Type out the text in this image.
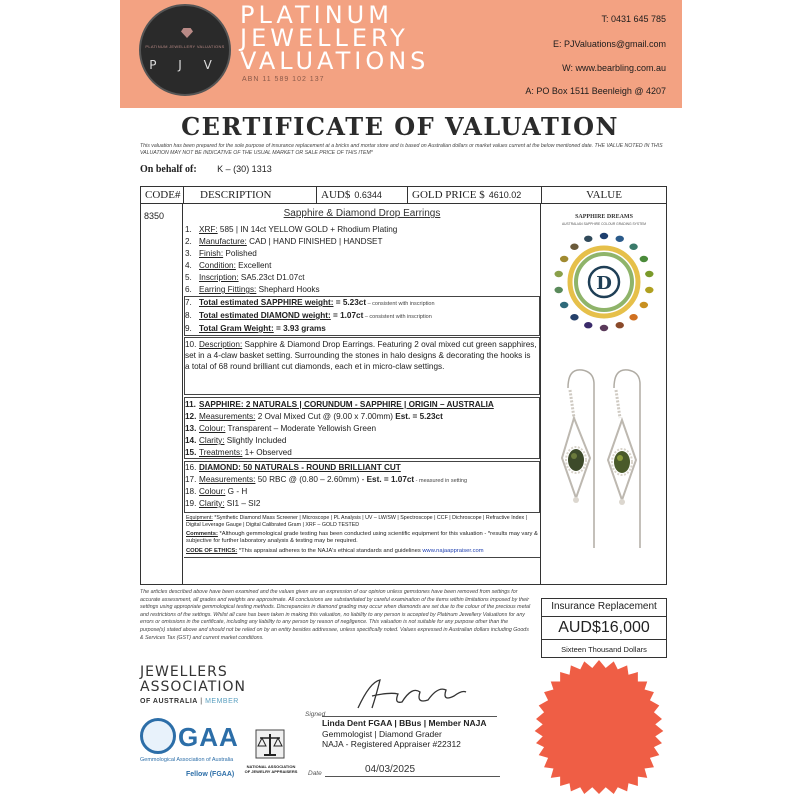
PLATINUM JEWELLERY VALUATIONS
P J V
PLATINUM
JEWELLERY
VALUATIONS
ABN 11 589 102 137
T: 0431 645 785
E: PJValuations@gmail.com
W: www.bearbling.com.au
A: PO Box 1511 Beenleigh @ 4207
CERTIFICATE OF VALUATION
This valuation has been prepared for the sole purpose of insurance replacement at a bricks and mortar store and is based on Australian dollars or market values current at the below mentioned date. THE VALUE NOTED IN THIS VALUATION MAY NOT BE INDICATIVE OF THE USUAL MARKET OR SALE PRICE OF THIS ITEM*
On behalf of: K – (30) 1313
CODE# DESCRIPTION	AUD$ 0.6344	GOLD PRICE $ 4610.02	VALUE
8350	Sapphire & Diamond Drop Earrings
1. XRF: 585 | IN 14ct YELLOW GOLD + Rhodium Plating
2. Manufacture: CAD | HAND FINISHED | HANDSET
3. Finish: Polished
4. Condition: Excellent
5. Inscription: SA5.23ct D1.07ct
6. Earring Fittings: Shephard Hooks
7. Total estimated SAPPHIRE weight: = 5.23ct – consistent with inscription
8. Total estimated DIAMOND weight: = 1.07ct – consistent with inscription
9. Total Gram Weight: = 3.93 grams
10. Description: Sapphire & Diamond Drop Earrings. Featuring 2 oval mixed cut green sapphires, set in a 4-claw basket setting. Surrounding the stones in halo designs & decorating the hooks is a total of 68 round brilliant cut diamonds, each et in micro-claw settings.
11. SAPPHIRE: 2 NATURALS | CORUNDUM - SAPPHIRE | ORIGIN – AUSTRALIA
12. Measurements: 2 Oval Mixed Cut @ (9.00 x 7.00mm) Est. = 5.23ct
13. Colour: Transparent – Moderate Yellowish Green
14. Clarity: Slightly Included
15. Treatments: 1+ Observed
16. DIAMOND: 50 NATURALS - ROUND BRILLIANT CUT
17. Measurements: 50 RBC @ (0.80 – 2.60mm) - Est. = 1.07ct - measured in setting
18. Colour: G - H
19. Clarity: SI1 – SI2
Equipment: *Synthetic Diamond Mass Screener | Microscope | PL Analysis | UV – LW/SW | Spectroscope | CCF | Dichroscope | Refractive Index | Digital Leverage Gauge | Digital Calibrated Gram | XRF – GOLD TESTED
Comments: *Although gemmological grade testing has been conducted using scientific equipment for this valuation - *results may vary & subjective for further laboratory analysis & testing may be required.
CODE OF ETHICS: *This appraisal adheres to the NAJA's ethical standards and guidelines www.najaappraiser.com
SAPPHIRE DREAMS
AUSTRALIAN SAPPHIRE COLOUR GRADING SYSTEM
D
The articles described above have been examined and the values given are an expression of our opinion unless gemstones have been removed from settings for accurate assessment, all grades and weights are approximate. All conclusions are substantiated by careful examination of the items within limitations imposed by their settings using appropriate gemmological testing methods. Discrepancies in diamond grading may occur when diamonds are set due to the colour of the precious metal and restrictions of the settings. Whilst all care has been taken in making this valuation, no liability to any person is accepted by Platinum Jewellery Valuations for any errors or omissions in the certificate, including any liability to any person by reason of negligence. This valuation is not suitable for any purpose other than the purpose(s) stated above and should not be relied on by an entity besides addressee, unless specifically noted. Values expressed in Australian dollars including Goods & Services Tax (GST) and current market conditions.
Insurance Replacement
AUD$16,000
Sixteen Thousand Dollars
JEWELLERS
ASSOCIATION
OF AUSTRALIA | MEMBER
GAA
Gemmological Association of Australia
Fellow (FGAA)
NATIONAL ASSOCIATION OF JEWELRY APPRAISERS
Signed
Linda Dent FGAA | BBus | Member NAJA
Gemmologist | Diamond Grader
NAJA - Registered Appraiser #22312
Date	04/03/2025
